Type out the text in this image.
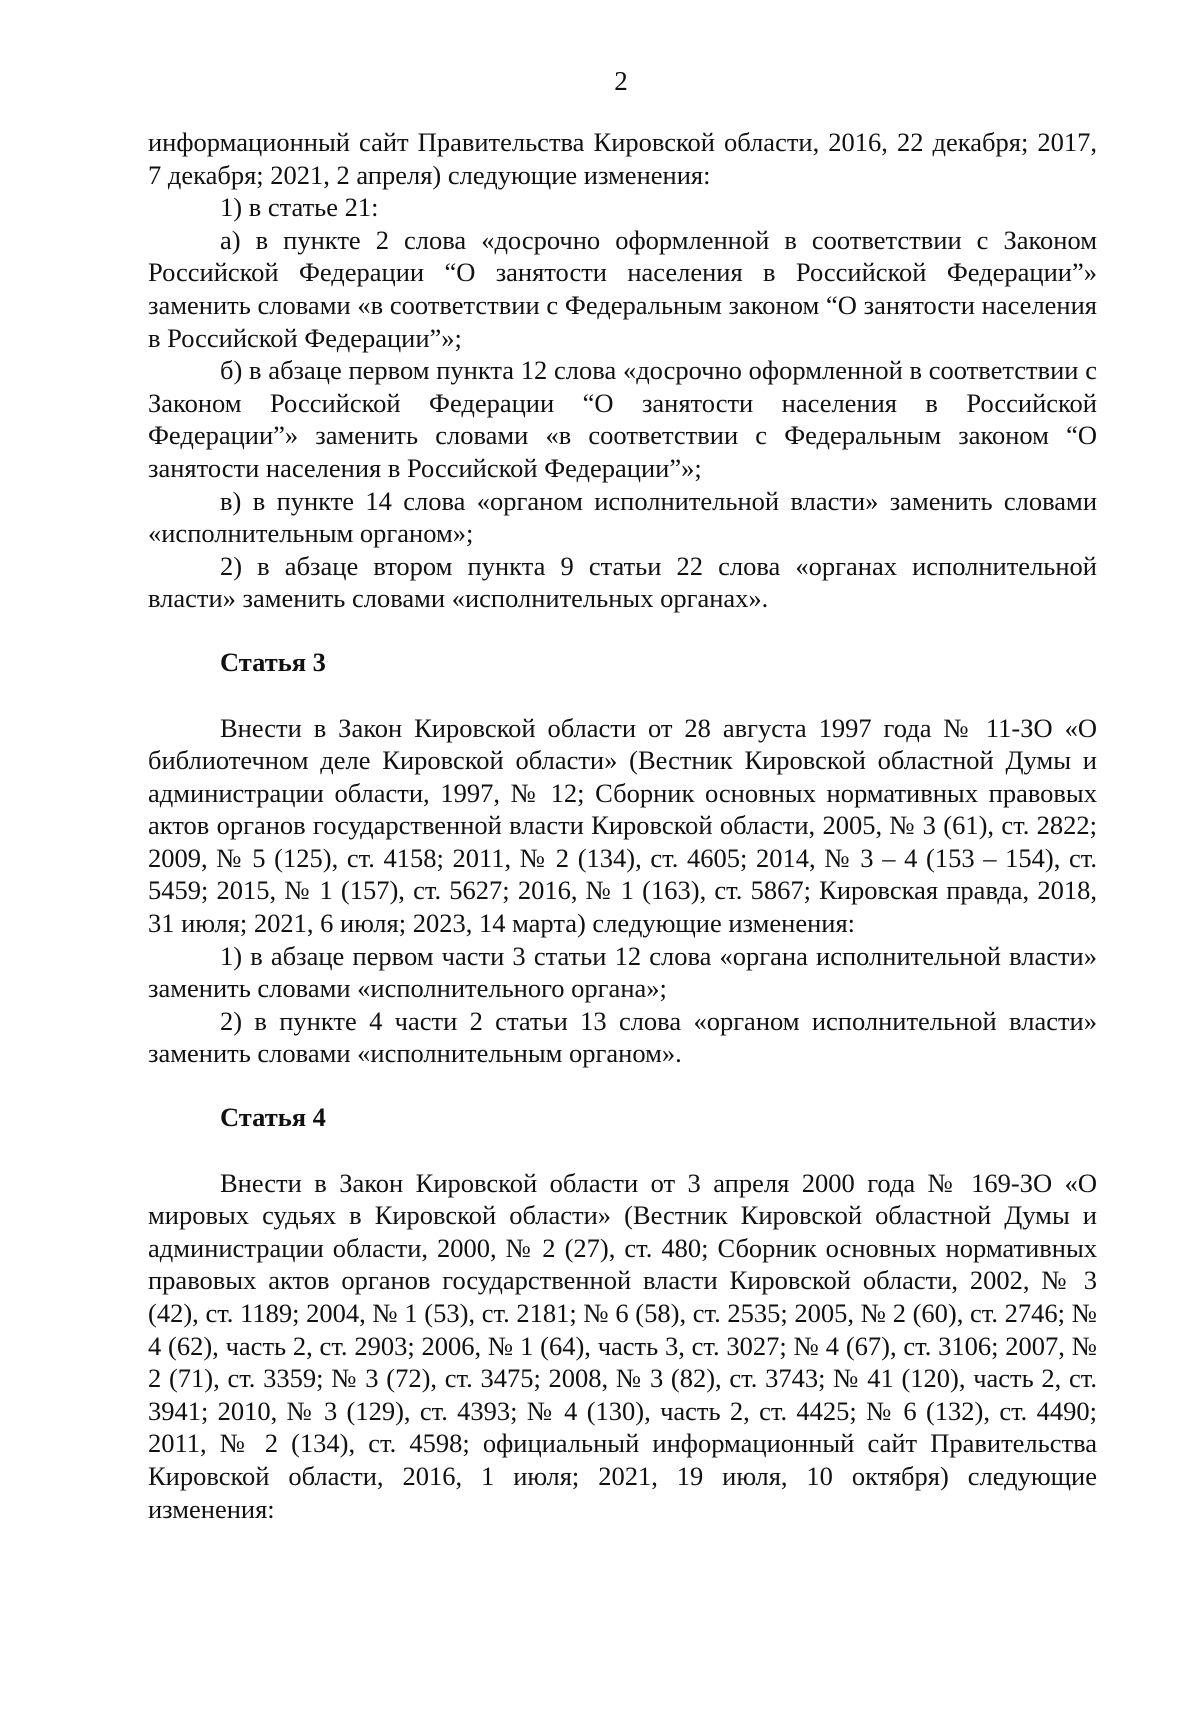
2

информационный сайт Правительства Кировской области, 2016, 22 декабря; 2017, 7 декабря; 2021, 2 апреля) следующие изменения:

1) в статье 21:

а) в пункте 2 слова «досрочно оформленной в соответствии с Законом Российской Федерации “О занятости населения в Российской Федерации”» заменить словами «в соответствии с Федеральным законом “О занятости населения в Российской Федерации”»;

б) в абзаце первом пункта 12 слова «досрочно оформленной в соответствии с Законом Российской Федерации “О занятости населения в Российской Федерации”» заменить словами «в соответствии с Федеральным законом “О занятости населения в Российской Федерации”»;

в) в пункте 14 слова «органом исполнительной власти» заменить словами «исполнительным органом»;

2) в абзаце втором пункта 9 статьи 22 слова «органах исполнительной власти» заменить словами «исполнительных органах».

Статья 3

Внести в Закон Кировской области от 28 августа 1997 года № 11-ЗО «О библиотечном деле Кировской области» (Вестник Кировской областной Думы и администрации области, 1997, № 12; Сборник основных нормативных правовых актов органов государственной власти Кировской области, 2005, № 3 (61), ст. 2822; 2009, № 5 (125), ст. 4158; 2011, № 2 (134), ст. 4605; 2014, № 3 – 4 (153 – 154), ст. 5459; 2015, № 1 (157), ст. 5627; 2016, № 1 (163), ст. 5867; Кировская правда, 2018, 31 июля; 2021, 6 июля; 2023, 14 марта) следующие изменения:

1) в абзаце первом части 3 статьи 12 слова «органа исполнительной власти» заменить словами «исполнительного органа»;

2) в пункте 4 части 2 статьи 13 слова «органом исполнительной власти» заменить словами «исполнительным органом».

Статья 4

Внести в Закон Кировской области от 3 апреля 2000 года № 169-ЗО «О мировых судьях в Кировской области» (Вестник Кировской областной Думы и администрации области, 2000, № 2 (27), ст. 480; Сборник основных нормативных правовых актов органов государственной власти Кировской области, 2002, № 3 (42), ст. 1189; 2004, № 1 (53), ст. 2181; № 6 (58), ст. 2535; 2005, № 2 (60), ст. 2746; № 4 (62), часть 2, ст. 2903; 2006, № 1 (64), часть 3, ст. 3027; № 4 (67), ст. 3106; 2007, № 2 (71), ст. 3359; № 3 (72), ст. 3475; 2008, № 3 (82), ст. 3743; № 41 (120), часть 2, ст. 3941; 2010, № 3 (129), ст. 4393; № 4 (130), часть 2, ст. 4425; № 6 (132), ст. 4490; 2011, № 2 (134), ст. 4598; официальный информационный сайт Правительства Кировской области, 2016, 1 июля; 2021, 19 июля, 10 октября) следующие изменения:
